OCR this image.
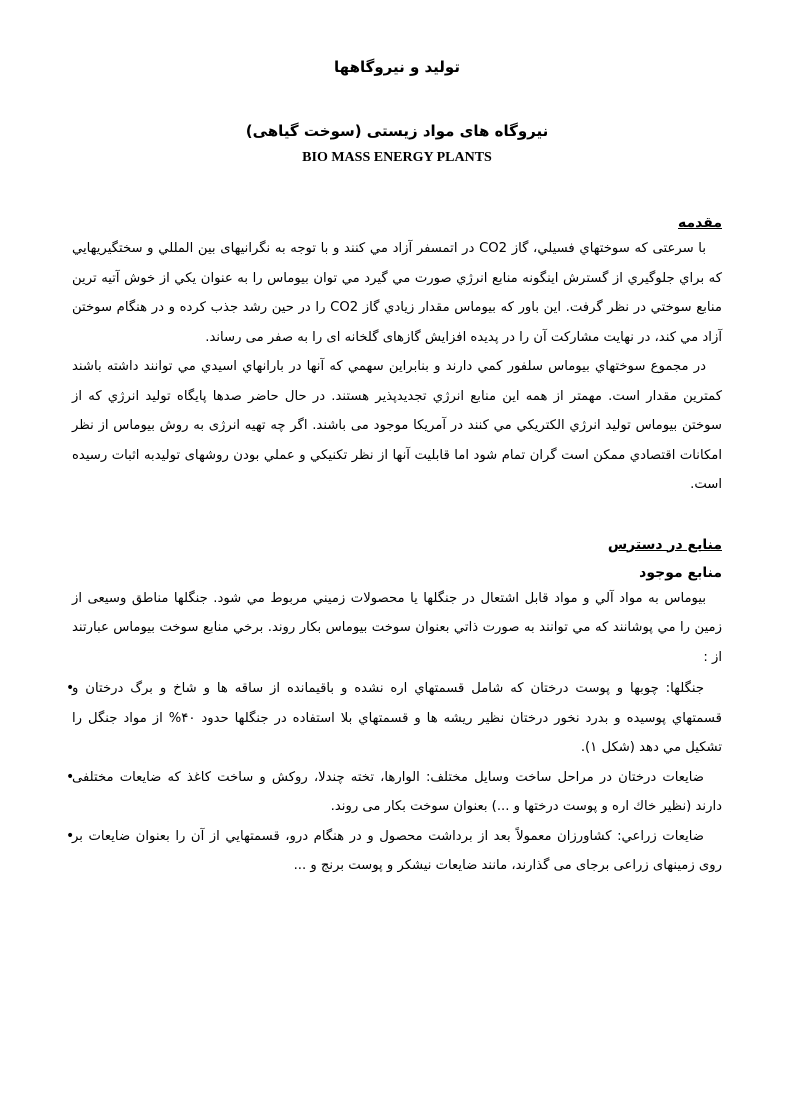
تولید و نیروگاهها

نیروگاه های مواد زیستی (سوخت گیاهی)

BIO MASS ENERGY PLANTS

مقدمه

با سرعتی که سوختهاي فسيلي، گاز CO2 در اتمسفر آزاد مي كنند و با توجه به نگرانيهای بين المللي و سختگيريهايي كه براي جلوگيري از گسترش اينگونه منابع انرژي صورت مي گيرد مي توان بيوماس را به عنوان يكي از خوش آتيه ترين منابع سوختي در نظر گرفت. اين باور كه بيوماس مقدار زيادي گاز CO2 را در حين رشد جذب كرده و در هنگام سوختن آزاد مي كند، در نهايت مشاركت آن را در پديده افزايش گازهای گلخانه ای را به صفر می رساند.

در مجموع سوختهاي بيوماس سلفور كمي دارند و بنابراين سهمي كه آنها در بارانهاي اسيدي مي توانند داشته باشند كمترين مقدار است. مهمتر از همه اين منابع انرژي تجديدپذير هستند. در حال حاضر صدها پايگاه توليد انرژي كه از سوختن بيوماس توليد انرژي الكتريكي مي كنند در آمريكا موجود می باشند. اگر چه تهيه انرژی به روش بيوماس از نظر امكانات اقتصادي ممكن است گران تمام شود اما قابليت آنها از نظر تكنيكي و عملي بودن روشهای توليدبه اثبات رسيده است.

منابع در دسترس

منابع موجود

بيوماس به مواد آلي و مواد قابل اشتعال در جنگلها يا محصولات زميني مربوط مي شود. جنگلها مناطق وسيعی از زمين را مي پوشانند كه مي توانند به صورت ذاتي بعنوان سوخت بيوماس بكار روند. برخي منابع سوخت بيوماس عبارتند از :

•
جنگلها: چوبها و پوست درختان كه شامل قسمتهاي اره نشده و باقيمانده از ساقه ها و شاخ و برگ درختان و قسمتهاي پوسيده و بدرد نخور درختان نظير ريشه ها و قسمتهاي بلا استفاده در جنگلها حدود ۴۰% از مواد جنگل را تشكيل مي دهد (شكل ۱).
•
ضايعات درختان در مراحل ساخت وسايل مختلف: الوارها، تخته چندلا، روكش و ساخت كاغذ كه ضايعات مختلفی دارند (نظير خاك اره و پوست درختها و ...) بعنوان سوخت بكار می روند.
•
ضايعات زراعي: كشاورزان معمولاً بعد از برداشت محصول و در هنگام درو، قسمتهايي از آن را بعنوان ضايعات بر روی زمينهای زراعی برجای می گذارند، مانند ضايعات نيشكر و پوست برنج و ...
